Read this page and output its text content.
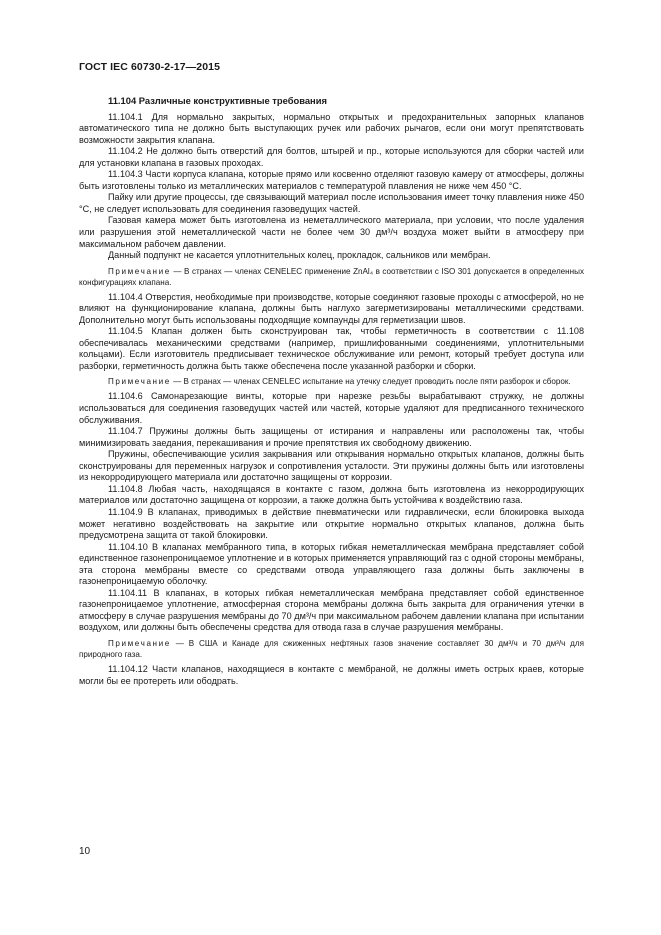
ГОСТ IEC 60730-2-17—2015

11.104 Различные конструктивные требования

11.104.1 Для нормально закрытых, нормально открытых и предохранительных запорных клапанов автоматического типа не должно быть выступающих ручек или рабочих рычагов, если они могут препятствовать возможности закрытия клапана.

11.104.2 Не должно быть отверстий для болтов, штырей и пр., которые используются для сборки частей или для установки клапана в газовых проходах.

11.104.3 Части корпуса клапана, которые прямо или косвенно отделяют газовую камеру от атмосферы, должны быть изготовлены только из металлических материалов с температурой плавления не ниже чем 450 °С.

Пайку или другие процессы, где связывающий материал после использования имеет точку плавления ниже 450 °С, не следует использовать для соединения газоведущих частей.

Газовая камера может быть изготовлена из неметаллического материала, при условии, что после удаления или разрушения этой неметаллической части не более чем 30 дм³/ч воздуха может выйти в атмосферу при максимальном рабочем давлении.

Данный подпункт не касается уплотнительных колец, прокладок, сальников или мембран.

Примечание — В странах — членах CENELEC применение ZnAl₄ в соответствии с ISO 301 допускается в определенных конфигурациях клапана.

11.104.4 Отверстия, необходимые при производстве, которые соединяют газовые проходы с атмосферой, но не влияют на функционирование клапана, должны быть наглухо загерметизированы металлическими средствами. Дополнительно могут быть использованы подходящие компаунды для герметизации швов.

11.104.5 Клапан должен быть сконструирован так, чтобы герметичность в соответствии с 11.108 обеспечивалась механическими средствами (например, пришлифованными соединениями, уплотнительными кольцами). Если изготовитель предписывает техническое обслуживание или ремонт, который требует доступа или разборки, герметичность должна быть также обеспечена после указанной разборки и сборки.

Примечание — В странах — членах CENELEC испытание на утечку следует проводить после пяти разборок и сборок.

11.104.6 Самонарезающие винты, которые при нарезке резьбы вырабатывают стружку, не должны использоваться для соединения газоведущих частей или частей, которые удаляют для предписанного технического обслуживания.

11.104.7 Пружины должны быть защищены от истирания и направлены или расположены так, чтобы минимизировать заедания, перекашивания и прочие препятствия их свободному движению.

Пружины, обеспечивающие усилия закрывания или открывания нормально открытых клапанов, должны быть сконструированы для переменных нагрузок и сопротивления усталости. Эти пружины должны быть или изготовлены из некорродирующего материала или достаточно защищены от коррозии.

11.104.8 Любая часть, находящаяся в контакте с газом, должна быть изготовлена из некорродирующих материалов или достаточно защищена от коррозии, а также должна быть устойчива к воздействию газа.

11.104.9 В клапанах, приводимых в действие пневматически или гидравлически, если блокировка выхода может негативно воздействовать на закрытие или открытие нормально открытых клапанов, должна быть предусмотрена защита от такой блокировки.

11.104.10 В клапанах мембранного типа, в которых гибкая неметаллическая мембрана представляет собой единственное газонепроницаемое уплотнение и в которых применяется управляющий газ с одной стороны мембраны, эта сторона мембраны вместе со средствами отвода управляющего газа должны быть заключены в газонепроницаемую оболочку.

11.104.11 В клапанах, в которых гибкая неметаллическая мембрана представляет собой единственное газонепроницаемое уплотнение, атмосферная сторона мембраны должна быть закрыта для ограничения утечки в атмосферу в случае разрушения мембраны до 70 дм³/ч при максимальном рабочем давлении клапана при испытании воздухом, или должны быть обеспечены средства для отвода газа в случае разрушения мембраны.

Примечание — В США и Канаде для сжиженных нефтяных газов значение составляет 30 дм³/ч и 70 дм³/ч для природного газа.

11.104.12 Части клапанов, находящиеся в контакте с мембраной, не должны иметь острых краев, которые могли бы ее протереть или ободрать.

10
